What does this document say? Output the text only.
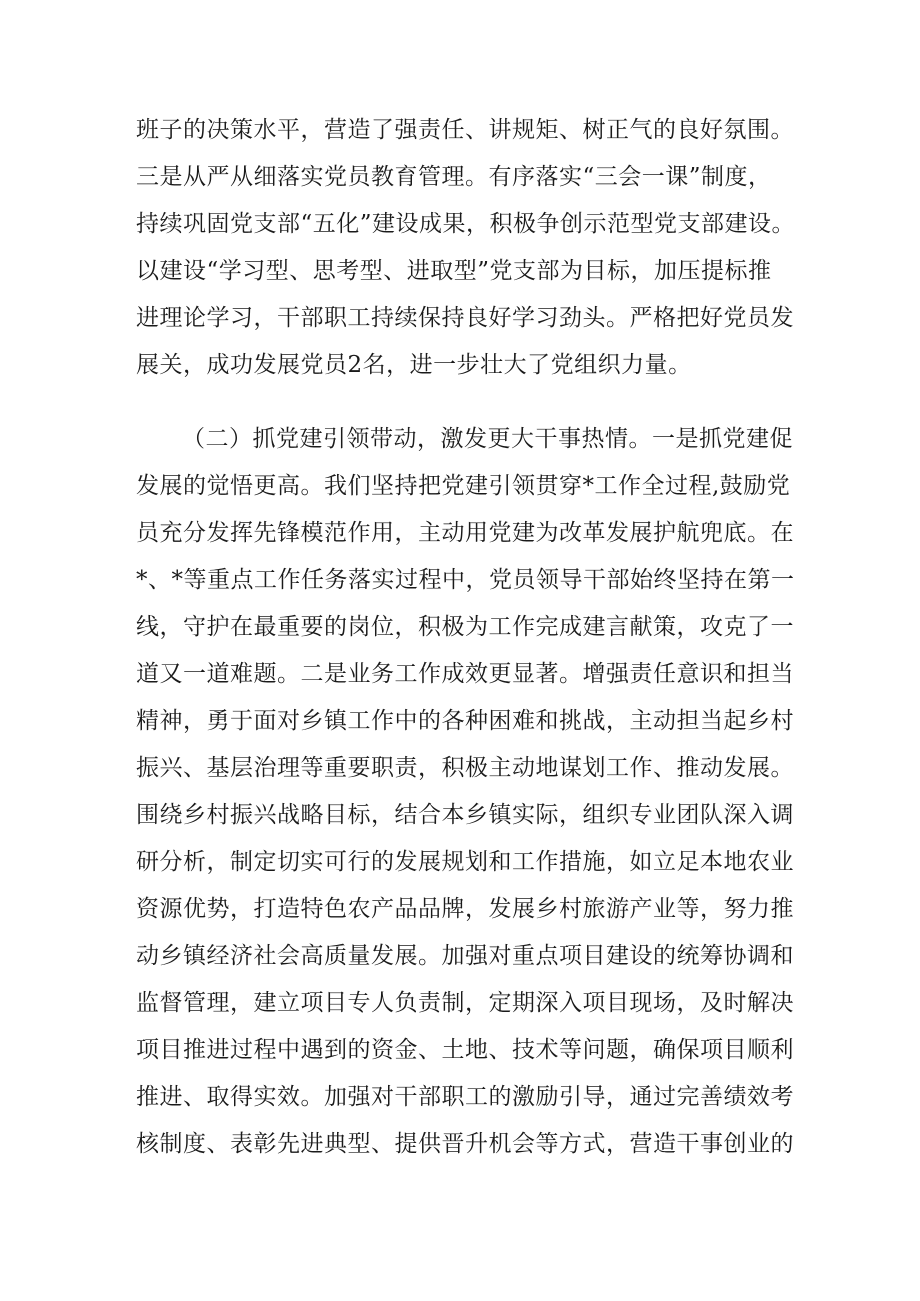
班子的决策水平，营造了强责任、讲规矩、树正气的良好氛围。
三是从严从细落实党员教育管理。有序落实“三会一课”制度，
持续巩固党支部“五化”建设成果，积极争创示范型党支部建设。
以建设“学习型、思考型、进取型”党支部为目标，加压提标推
进理论学习，干部职工持续保持良好学习劲头。严格把好党员发
展关，成功发展党员2名，进一步壮大了党组织力量。
（二）抓党建引领带动，激发更大干事热情。一是抓党建促
发展的觉悟更高。我们坚持把党建引领贯穿*工作全过程,鼓励党
员充分发挥先锋模范作用，主动用党建为改革发展护航兜底。在
*、*等重点工作任务落实过程中，党员领导干部始终坚持在第一
线，守护在最重要的岗位，积极为工作完成建言献策，攻克了一
道又一道难题。二是业务工作成效更显著。增强责任意识和担当
精神，勇于面对乡镇工作中的各种困难和挑战，主动担当起乡村
振兴、基层治理等重要职责，积极主动地谋划工作、推动发展。
围绕乡村振兴战略目标，结合本乡镇实际，组织专业团队深入调
研分析，制定切实可行的发展规划和工作措施，如立足本地农业
资源优势，打造特色农产品品牌，发展乡村旅游产业等，努力推
动乡镇经济社会高质量发展。加强对重点项目建设的统筹协调和
监督管理，建立项目专人负责制，定期深入项目现场，及时解决
项目推进过程中遇到的资金、土地、技术等问题，确保项目顺利
推进、取得实效。加强对干部职工的激励引导，通过完善绩效考
核制度、表彰先进典型、提供晋升机会等方式，营造干事创业的
